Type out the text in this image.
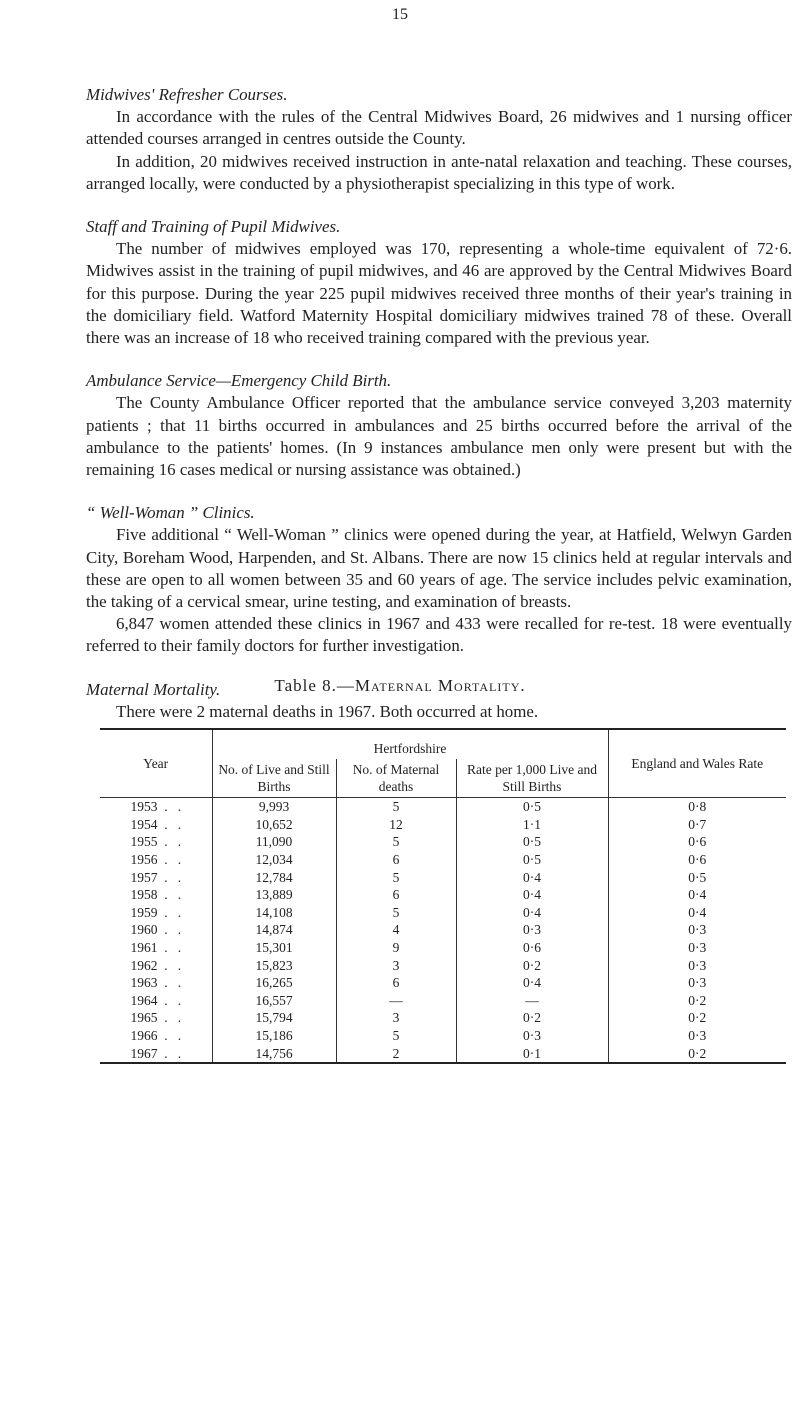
15

Midwives' Refresher Courses.

In accordance with the rules of the Central Midwives Board, 26 midwives and 1 nursing officer attended courses arranged in centres outside the County.

In addition, 20 midwives received instruction in ante-natal relaxation and teaching. These courses, arranged locally, were conducted by a physiotherapist specializing in this type of work.

Staff and Training of Pupil Midwives.

The number of midwives employed was 170, representing a whole-time equivalent of 72·6. Midwives assist in the training of pupil midwives, and 46 are approved by the Central Midwives Board for this purpose. During the year 225 pupil midwives received three months of their year's training in the domiciliary field. Watford Maternity Hospital domiciliary midwives trained 78 of these. Overall there was an increase of 18 who received training compared with the previous year.

Ambulance Service—Emergency Child Birth.

The County Ambulance Officer reported that the ambulance service conveyed 3,203 maternity patients ; that 11 births occurred in ambulances and 25 births occurred before the arrival of the ambulance to the patients' homes. (In 9 instances ambulance men only were present but with the remaining 16 cases medical or nursing assistance was obtained.)

“ Well-Woman ” Clinics.

Five additional “ Well-Woman ” clinics were opened during the year, at Hatfield, Welwyn Garden City, Boreham Wood, Harpenden, and St. Albans. There are now 15 clinics held at regular intervals and these are open to all women between 35 and 60 years of age. The service includes pelvic examination, the taking of a cervical smear, urine testing, and examination of breasts.

6,847 women attended these clinics in 1967 and 433 were recalled for re-test. 18 were eventually referred to their family doctors for further investigation.

Maternal Mortality.

There were 2 maternal deaths in 1967. Both occurred at home.

Table 8.—Maternal Mortality.
Year	Hertfordshire			England and Wales Rate
	No. of Live and Still Births	No. of Maternal deaths	Rate per 1,000 Live and Still Births	
1953  .   .	9,993	5	0·5	0·8
1954  .   .	10,652	12	1·1	0·7
1955  .   .	11,090	5	0·5	0·6
1956  .   .	12,034	6	0·5	0·6
1957  .   .	12,784	5	0·4	0·5
1958  .   .	13,889	6	0·4	0·4
1959  .   .	14,108	5	0·4	0·4
1960  .   .	14,874	4	0·3	0·3
1961  .   .	15,301	9	0·6	0·3
1962  .   .	15,823	3	0·2	0·3
1963  .   .	16,265	6	0·4	0·3
1964  .   .	16,557	—	—	0·2
1965  .   .	15,794	3	0·2	0·2
1966  .   .	15,186	5	0·3	0·3
1967  .   .	14,756	2	0·1	0·2
